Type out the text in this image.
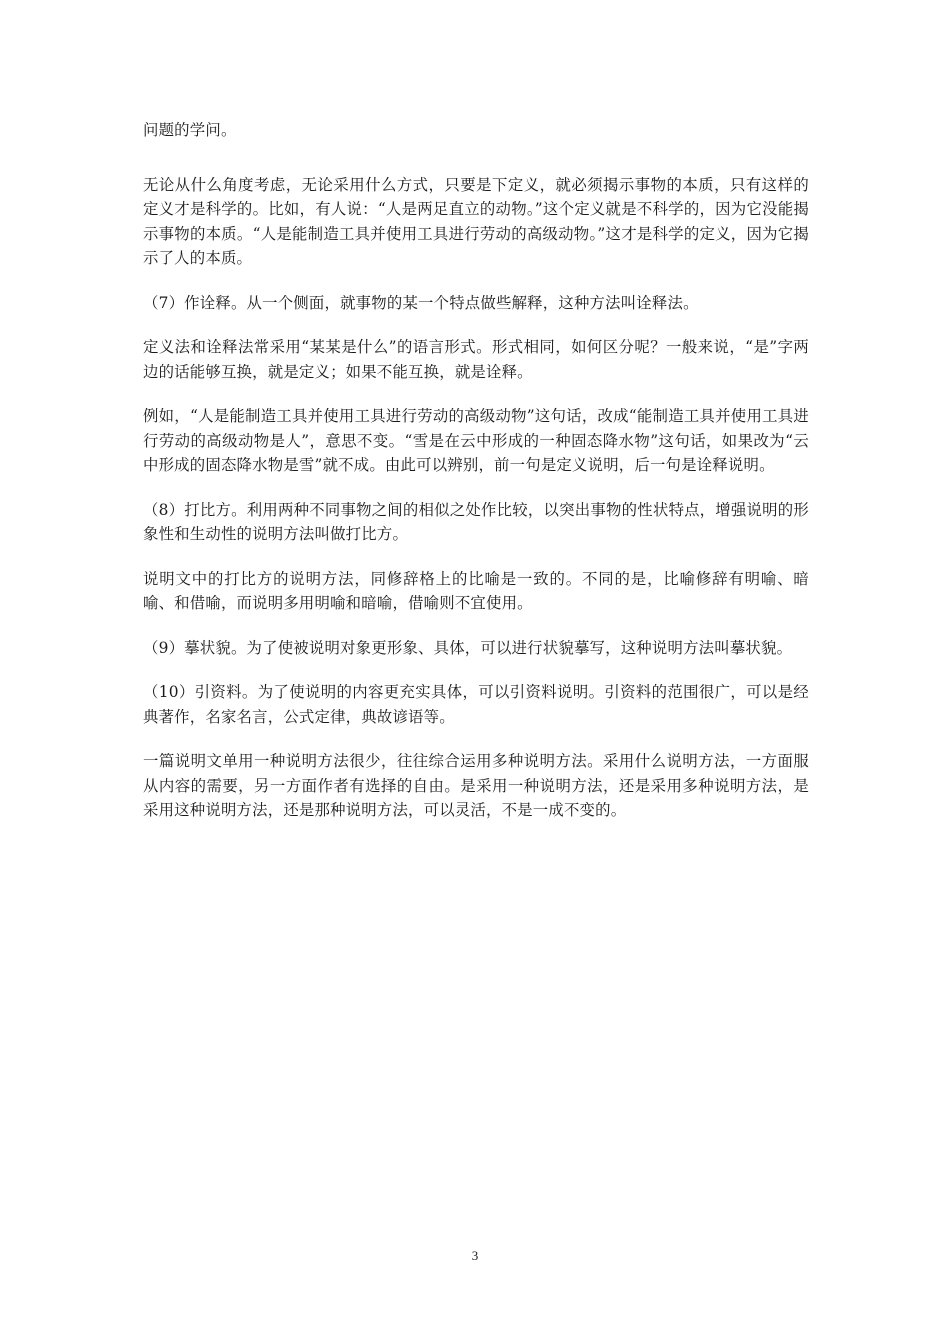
问题的学问。

无论从什么角度考虑，无论采用什么方式，只要是下定义，就必须揭示事物的本质，只有这样的定义才是科学的。比如，有人说：“人是两足直立的动物。”这个定义就是不科学的，因为它没能揭示事物的本质。“人是能制造工具并使用工具进行劳动的高级动物。”这才是科学的定义，因为它揭示了人的本质。

（7）作诠释。从一个侧面，就事物的某一个特点做些解释，这种方法叫诠释法。

定义法和诠释法常采用“某某是什么”的语言形式。形式相同，如何区分呢？一般来说，“是”字两边的话能够互换，就是定义；如果不能互换，就是诠释。

例如，“人是能制造工具并使用工具进行劳动的高级动物”这句话，改成“能制造工具并使用工具进行劳动的高级动物是人”，意思不变。“雪是在云中形成的一种固态降水物”这句话，如果改为“云中形成的固态降水物是雪”就不成。由此可以辨别，前一句是定义说明，后一句是诠释说明。

（8）打比方。利用两种不同事物之间的相似之处作比较，以突出事物的性状特点，增强说明的形象性和生动性的说明方法叫做打比方。

说明文中的打比方的说明方法，同修辞格上的比喻是一致的。不同的是，比喻修辞有明喻、暗喻、和借喻，而说明多用明喻和暗喻，借喻则不宜使用。

（9）摹状貌。为了使被说明对象更形象、具体，可以进行状貌摹写，这种说明方法叫摹状貌。

（10）引资料。为了使说明的内容更充实具体，可以引资料说明。引资料的范围很广，可以是经典著作，名家名言，公式定律，典故谚语等。

一篇说明文单用一种说明方法很少，往往综合运用多种说明方法。采用什么说明方法，一方面服从内容的需要，另一方面作者有选择的自由。是采用一种说明方法，还是采用多种说明方法，是采用这种说明方法，还是那种说明方法，可以灵活，不是一成不变的。

3
